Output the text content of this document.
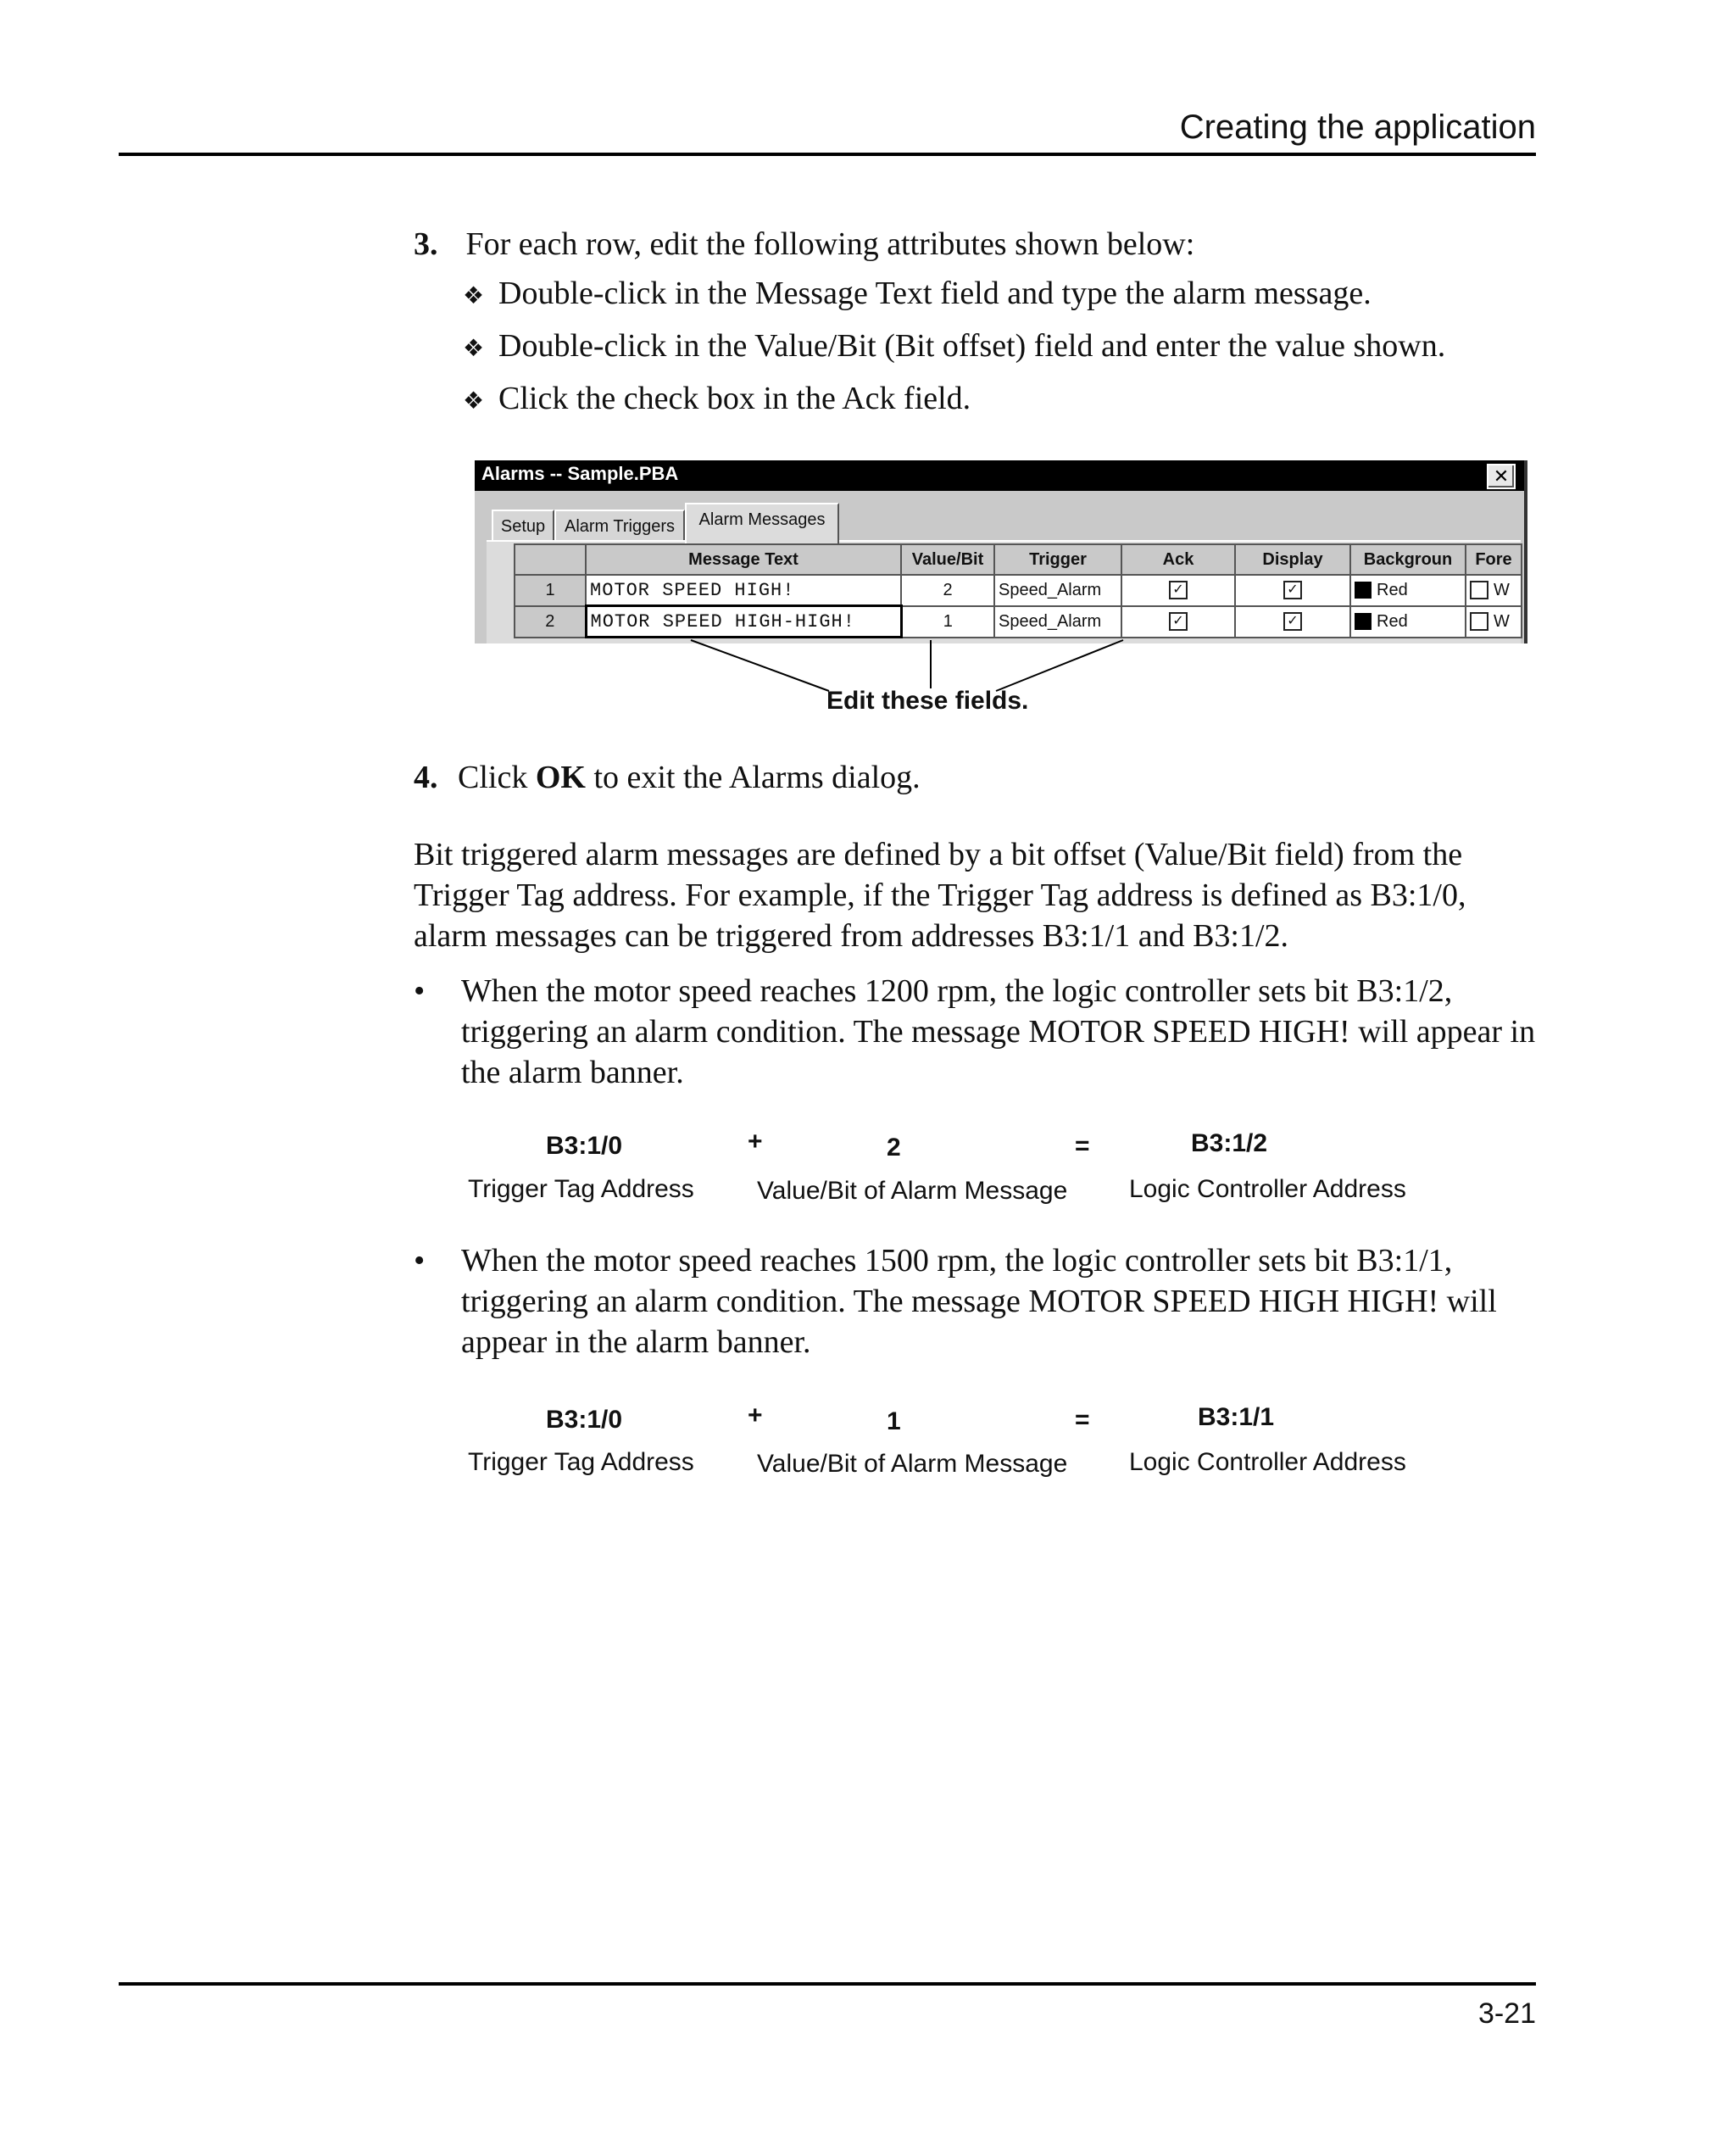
Creating the application
3. For each row, edit the following attributes shown below:
❖ Double-click in the Message Text field and type the alarm message.
❖ Double-click in the Value/Bit (Bit offset) field and enter the value shown.
❖ Click the check box in the Ack field.
Alarms -- Sample.PBA	✕
Setup	Alarm Triggers	Alarm Messages
	Message Text	Value/Bit	Trigger	Ack	Display	Backgroun	Fore
1	MOTOR SPEED HIGH!	2	Speed_Alarm	✓	✓	Red	W
2	MOTOR SPEED HIGH-HIGH!	1	Speed_Alarm	✓	✓	Red	W
Edit these fields.
4. Click OK to exit the Alarms dialog.
Bit triggered alarm messages are defined by a bit offset (Value/Bit field) from the Trigger Tag address. For example, if the Trigger Tag address is defined as B3:1/0, alarm messages can be triggered from addresses B3:1/1 and B3:1/2.
•	When the motor speed reaches 1200 rpm, the logic controller sets bit B3:1/2, triggering an alarm condition. The message MOTOR SPEED HIGH! will appear in the alarm banner.
B3:1/0	+	2	=	B3:1/2
Trigger Tag Address Value/Bit of Alarm Message Logic Controller Address
•	When the motor speed reaches 1500 rpm, the logic controller sets bit B3:1/1, triggering an alarm condition. The message MOTOR SPEED HIGH HIGH! will appear in the alarm banner.
B3:1/0	+	1	=	B3:1/1
Trigger Tag Address Value/Bit of Alarm Message Logic Controller Address
3-21
